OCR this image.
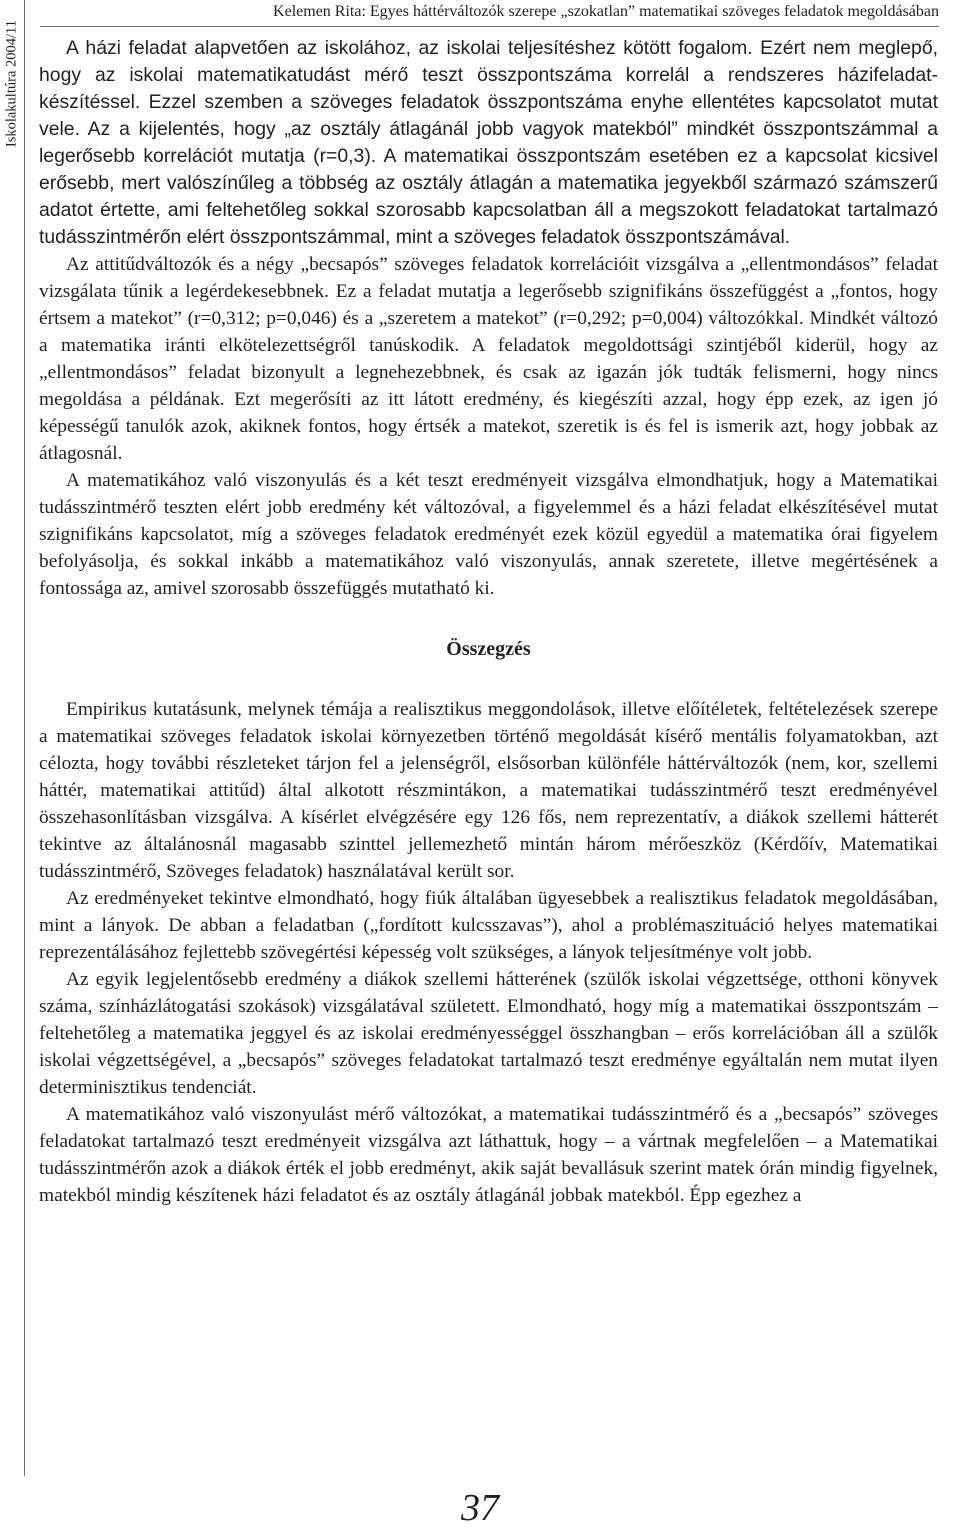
Iskolakultúra 2004/11
Kelemen Rita: Egyes háttérváltozók szerepe „szokatlan” matematikai szöveges feladatok megoldásában

A házi feladat alapvetően az iskolához, az iskolai teljesítéshez kötött fogalom. Ezért nem meglepő, hogy az iskolai matematikatudást mérő teszt összpontszáma korrelál a rendszeres házifeladat-készítéssel. Ezzel szemben a szöveges feladatok összpontszáma enyhe ellentétes kapcsolatot mutat vele. Az a kijelentés, hogy „az osztály átlagánál jobb vagyok matekból” mindkét összpontszámmal a legerősebb korrelációt mutatja (r=0,3). A matematikai összpontszám esetében ez a kapcsolat kicsivel erősebb, mert valószínűleg a többség az osztály átlagán a matematika jegyekből származó számszerű adatot értette, ami feltehetőleg sokkal szorosabb kapcsolatban áll a megszokott feladatokat tartalmazó tudásszintmérőn elért összpontszámmal, mint a szöveges feladatok összpontszámával.

Az attitűdváltozók és a négy „becsapós” szöveges feladatok korrelációit vizsgálva a „ellentmondásos” feladat vizsgálata tűnik a legérdekesebbnek. Ez a feladat mutatja a legerősebb szignifikáns összefüggést a „fontos, hogy értsem a matekot” (r=0,312; p=0,046) és a „szeretem a matekot” (r=0,292; p=0,004) változókkal. Mindkét változó a matematika iránti elkötelezettségről tanúskodik. A feladatok megoldottsági szintjéből kiderül, hogy az „ellentmondásos” feladat bizonyult a legnehezebbnek, és csak az igazán jók tudták felismerni, hogy nincs megoldása a példának. Ezt megerősíti az itt látott eredmény, és kiegészíti azzal, hogy épp ezek, az igen jó képességű tanulók azok, akiknek fontos, hogy értsék a matekot, szeretik is és fel is ismerik azt, hogy jobbak az átlagosnál.

A matematikához való viszonyulás és a két teszt eredményeit vizsgálva elmondhatjuk, hogy a Matematikai tudásszintmérő teszten elért jobb eredmény két változóval, a figyelemmel és a házi feladat elkészítésével mutat szignifikáns kapcsolatot, míg a szöveges feladatok eredményét ezek közül egyedül a matematika órai figyelem befolyásolja, és sokkal inkább a matematikához való viszonyulás, annak szeretete, illetve megértésének a fontossága az, amivel szorosabb összefüggés mutatható ki.

Összegzés

Empirikus kutatásunk, melynek témája a realisztikus meggondolások, illetve előítéletek, feltételezések szerepe a matematikai szöveges feladatok iskolai környezetben történő megoldását kísérő mentális folyamatokban, azt célozta, hogy további részleteket tárjon fel a jelenségről, elsősorban különféle háttérváltozók (nem, kor, szellemi háttér, matematikai attitűd) által alkotott részmintákon, a matematikai tudásszintmérő teszt eredményével összehasonlításban vizsgálva. A kísérlet elvégzésére egy 126 fős, nem reprezentatív, a diákok szellemi hátterét tekintve az általánosnál magasabb szinttel jellemezhető mintán három mérőeszköz (Kérdőív, Matematikai tudásszintmérő, Szöveges feladatok) használatával került sor.

Az eredményeket tekintve elmondható, hogy fiúk általában ügyesebbek a realisztikus feladatok megoldásában, mint a lányok. De abban a feladatban („fordított kulcsszavas”), ahol a problémaszituáció helyes matematikai reprezentálásához fejlettebb szövegértési képesség volt szükséges, a lányok teljesítménye volt jobb.

Az egyik legjelentősebb eredmény a diákok szellemi hátterének (szülők iskolai végzettsége, otthoni könyvek száma, színházlátogatási szokások) vizsgálatával született. Elmondható, hogy míg a matematikai összpontszám – feltehetőleg a matematika jeggyel és az iskolai eredményességgel összhangban – erős korrelációban áll a szülők iskolai végzettségével, a „becsapós” szöveges feladatokat tartalmazó teszt eredménye egyáltalán nem mutat ilyen determinisztikus tendenciát.

A matematikához való viszonyulást mérő változókat, a matematikai tudásszintmérő és a „becsapós” szöveges feladatokat tartalmazó teszt eredményeit vizsgálva azt láthattuk, hogy – a vártnak megfelelően – a Matematikai tudásszintmérőn azok a diákok érték el jobb eredményt, akik saját bevallásuk szerint matek órán mindig figyelnek, matekból mindig készítenek házi feladatot és az osztály átlagánál jobbak matekból. Épp egezhez a

37
